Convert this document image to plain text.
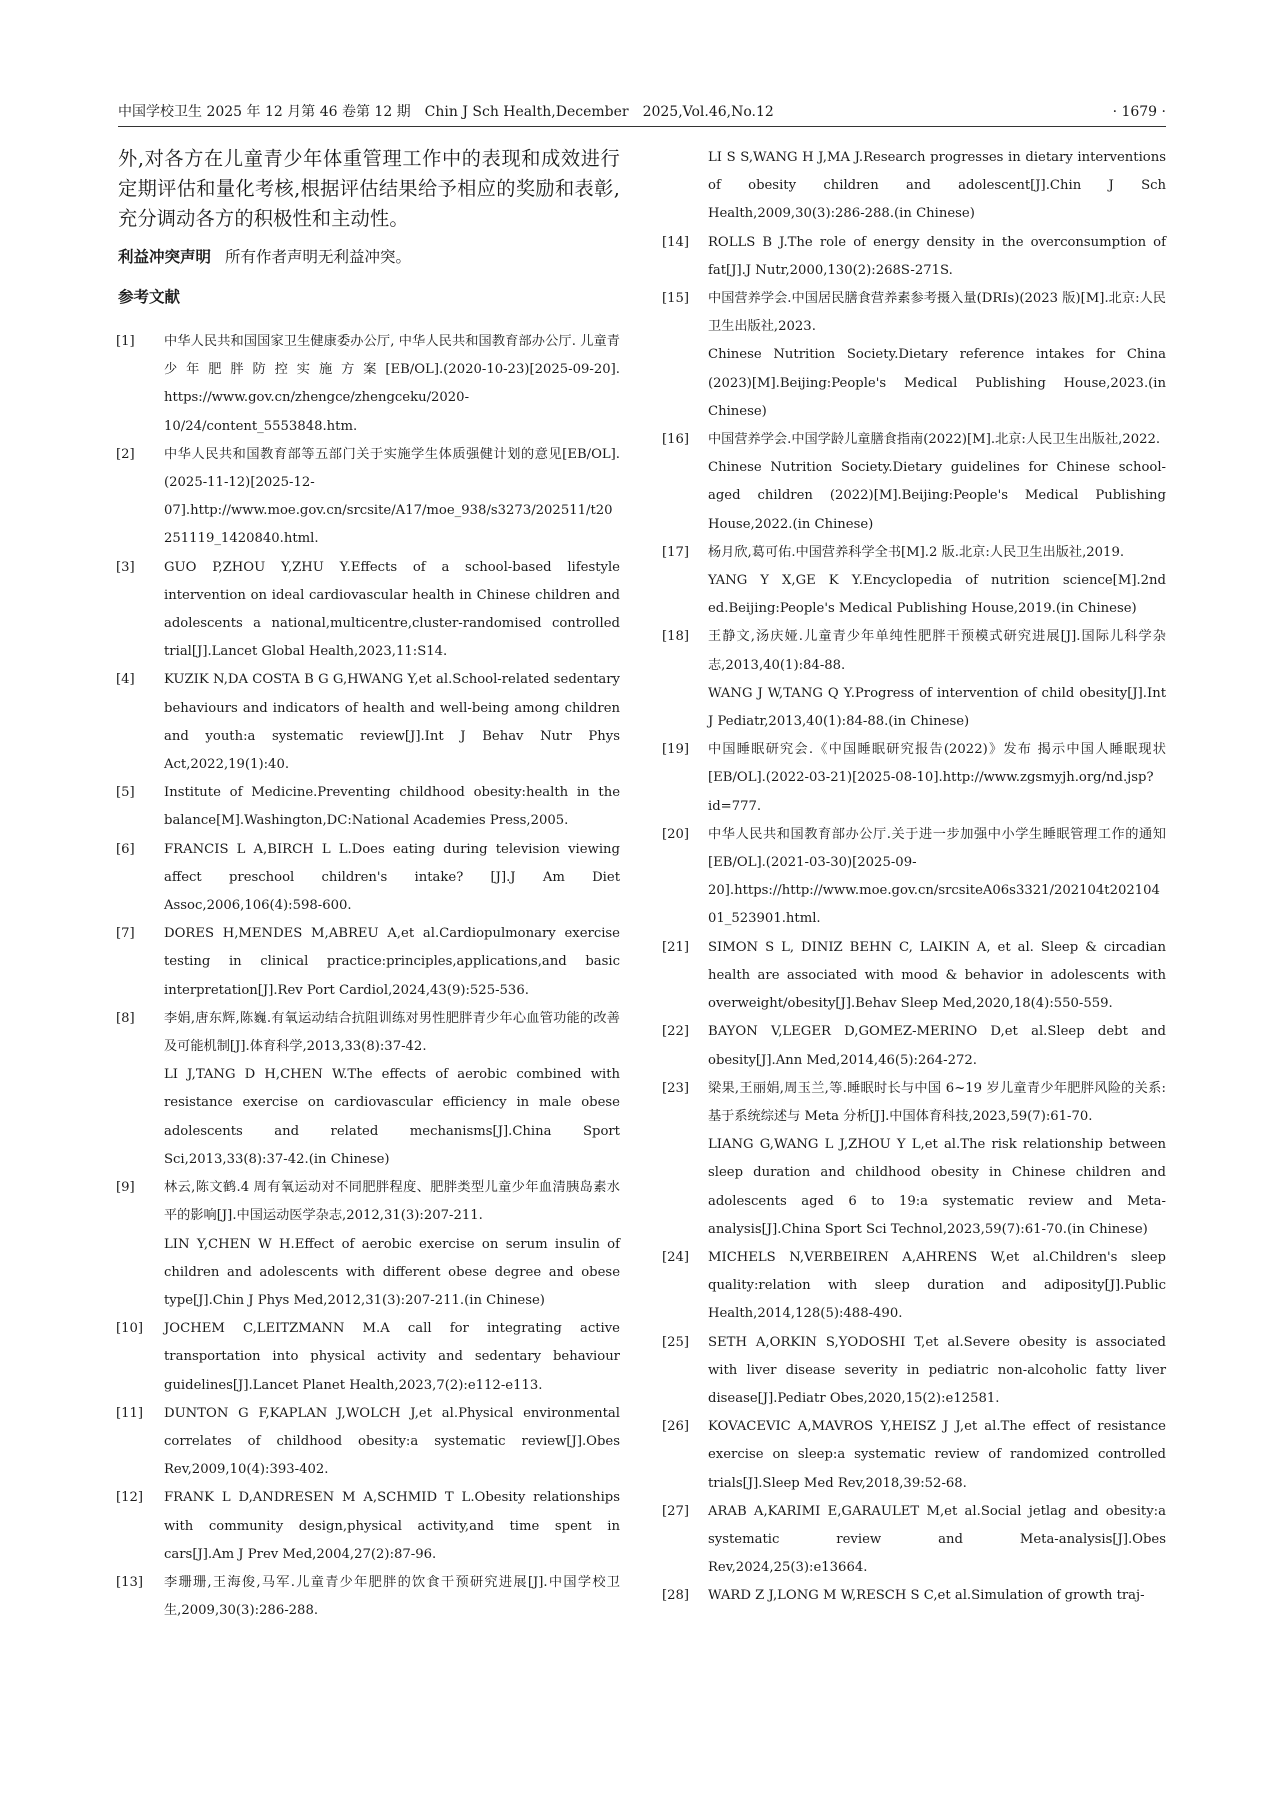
中国学校卫生 2025 年 12 月第 46 卷第 12 期　Chin J Sch Health,December　2025,Vol.46,No.12	· 1679 ·

外,对各方在儿童青少年体重管理工作中的表现和成效进行定期评估和量化考核,根据评估结果给予相应的奖励和表彰,充分调动各方的积极性和主动性。

利益冲突声明 所有作者声明无利益冲突。

参考文献

[1] 中华人民共和国国家卫生健康委办公厅, 中华人民共和国教育部办公厅. 儿童青少年肥胖防控实施方案[EB/OL].(2020-10-23)[2025-09-20]. https://www.gov.cn/zhengce/zhengceku/2020-10/24/content_5553848.htm.
[2] 中华人民共和国教育部等五部门关于实施学生体质强健计划的意见[EB/OL].(2025-11-12)[2025-12-07].http://www.moe.gov.cn/srcsite/A17/moe_938/s3273/202511/t20251119_1420840.html.
[3] GUO P,ZHOU Y,ZHU Y.Effects of a school-based lifestyle intervention on ideal cardiovascular health in Chinese children and adolescents a national,multicentre,cluster-randomised controlled trial[J].Lancet Global Health,2023,11:S14.
[4] KUZIK N,DA COSTA B G G,HWANG Y,et al.School-related sedentary behaviours and indicators of health and well-being among children and youth:a systematic review[J].Int J Behav Nutr Phys Act,2022,19(1):40.
[5] Institute of Medicine.Preventing childhood obesity:health in the balance[M].Washington,DC:National Academies Press,2005.
[6] FRANCIS L A,BIRCH L L.Does eating during television viewing affect preschool children's intake? [J].J Am Diet Assoc,2006,106(4):598-600.
[7] DORES H,MENDES M,ABREU A,et al.Cardiopulmonary exercise testing in clinical practice:principles,applications,and basic interpretation[J].Rev Port Cardiol,2024,43(9):525-536.
[8] 李娟,唐东辉,陈巍.有氧运动结合抗阻训练对男性肥胖青少年心血管功能的改善及可能机制[J].体育科学,2013,33(8):37-42.
LI J,TANG D H,CHEN W.The effects of aerobic combined with resistance exercise on cardiovascular efficiency in male obese adolescents and related mechanisms[J].China Sport Sci,2013,33(8):37-42.(in Chinese)
[9] 林云,陈文鹤.4 周有氧运动对不同肥胖程度、肥胖类型儿童少年血清胰岛素水平的影响[J].中国运动医学杂志,2012,31(3):207-211.
LIN Y,CHEN W H.Effect of aerobic exercise on serum insulin of children and adolescents with different obese degree and obese type[J].Chin J Phys Med,2012,31(3):207-211.(in Chinese)
[10] JOCHEM C,LEITZMANN M.A call for integrating active transportation into physical activity and sedentary behaviour guidelines[J].Lancet Planet Health,2023,7(2):e112-e113.
[11] DUNTON G F,KAPLAN J,WOLCH J,et al.Physical environmental correlates of childhood obesity:a systematic review[J].Obes Rev,2009,10(4):393-402.
[12] FRANK L D,ANDRESEN M A,SCHMID T L.Obesity relationships with community design,physical activity,and time spent in cars[J].Am J Prev Med,2004,27(2):87-96.
[13] 李珊珊,王海俊,马军.儿童青少年肥胖的饮食干预研究进展[J].中国学校卫生,2009,30(3):286-288.
LI S S,WANG H J,MA J.Research progresses in dietary interventions of obesity children and adolescent[J].Chin J Sch Health,2009,30(3):286-288.(in Chinese)
[14] ROLLS B J.The role of energy density in the overconsumption of fat[J].J Nutr,2000,130(2):268S-271S.
[15] 中国营养学会.中国居民膳食营养素参考摄入量(DRIs)(2023 版)[M].北京:人民卫生出版社,2023.
Chinese Nutrition Society.Dietary reference intakes for China (2023)[M].Beijing:People's Medical Publishing House,2023.(in Chinese)
[16] 中国营养学会.中国学龄儿童膳食指南(2022)[M].北京:人民卫生出版社,2022.
Chinese Nutrition Society.Dietary guidelines for Chinese school-aged children (2022)[M].Beijing:People's Medical Publishing House,2022.(in Chinese)
[17] 杨月欣,葛可佑.中国营养科学全书[M].2 版.北京:人民卫生出版社,2019.
YANG Y X,GE K Y.Encyclopedia of nutrition science[M].2nd ed.Beijing:People's Medical Publishing House,2019.(in Chinese)
[18] 王静文,汤庆娅.儿童青少年单纯性肥胖干预模式研究进展[J].国际儿科学杂志,2013,40(1):84-88.
WANG J W,TANG Q Y.Progress of intervention of child obesity[J].Int J Pediatr,2013,40(1):84-88.(in Chinese)
[19] 中国睡眠研究会.《中国睡眠研究报告(2022)》发布 揭示中国人睡眠现状[EB/OL].(2022-03-21)[2025-08-10].http://www.zgsmyjh.org/nd.jsp? id=777.
[20] 中华人民共和国教育部办公厅.关于进一步加强中小学生睡眠管理工作的通知[EB/OL].(2021-03-30)[2025-09-20].https://http://www.moe.gov.cn/srcsiteA06s3321/202104t20210401_523901.html.
[21] SIMON S L, DINIZ BEHN C, LAIKIN A, et al. Sleep & circadian health are associated with mood & behavior in adolescents with overweight/obesity[J].Behav Sleep Med,2020,18(4):550-559.
[22] BAYON V,LEGER D,GOMEZ-MERINO D,et al.Sleep debt and obesity[J].Ann Med,2014,46(5):264-272.
[23] 梁果,王丽娟,周玉兰,等.睡眠时长与中国 6~19 岁儿童青少年肥胖风险的关系:基于系统综述与 Meta 分析[J].中国体育科技,2023,59(7):61-70.
LIANG G,WANG L J,ZHOU Y L,et al.The risk relationship between sleep duration and childhood obesity in Chinese children and adolescents aged 6 to 19:a systematic review and Meta-analysis[J].China Sport Sci Technol,2023,59(7):61-70.(in Chinese)
[24] MICHELS N,VERBEIREN A,AHRENS W,et al.Children's sleep quality:relation with sleep duration and adiposity[J].Public Health,2014,128(5):488-490.
[25] SETH A,ORKIN S,YODOSHI T,et al.Severe obesity is associated with liver disease severity in pediatric non-alcoholic fatty liver disease[J].Pediatr Obes,2020,15(2):e12581.
[26] KOVACEVIC A,MAVROS Y,HEISZ J J,et al.The effect of resistance exercise on sleep:a systematic review of randomized controlled trials[J].Sleep Med Rev,2018,39:52-68.
[27] ARAB A,KARIMI E,GARAULET M,et al.Social jetlag and obesity:a systematic review and Meta-analysis[J].Obes Rev,2024,25(3):e13664.
[28] WARD Z J,LONG M W,RESCH S C,et al.Simulation of growth traj-
